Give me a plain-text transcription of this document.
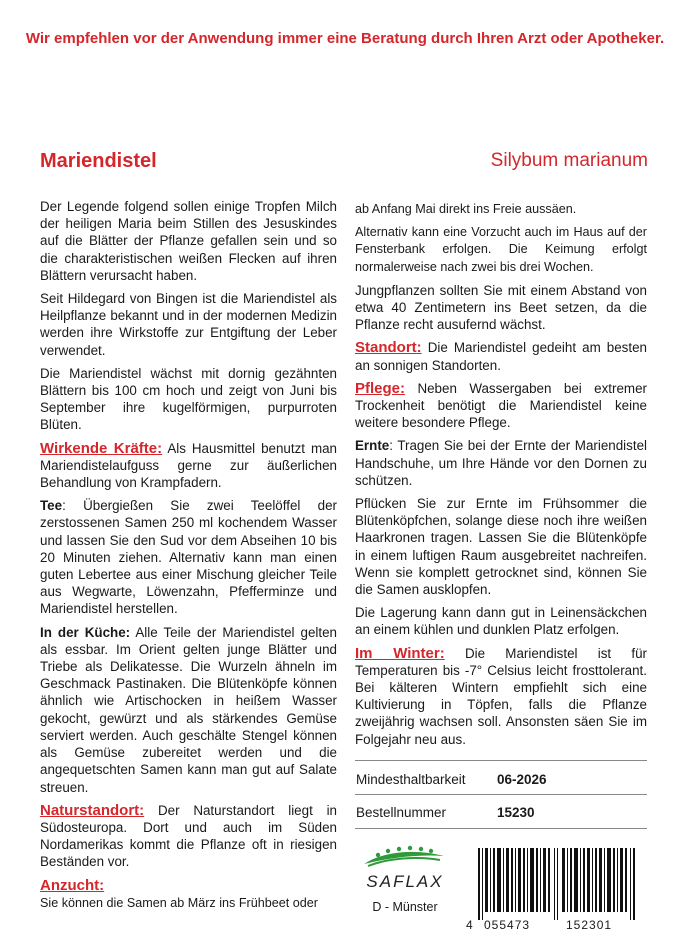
Wir empfehlen vor der Anwendung immer eine Beratung durch Ihren Arzt oder Apotheker.
Mariendistel	Silybum marianum

Der Legende folgend sollen einige Tropfen Milch der heiligen Maria beim Stillen des Jesuskindes auf die Blätter der Pflanze gefallen sein und so die charakteristischen weißen Flecken auf ihren Blättern verursacht haben.

Seit Hildegard von Bingen ist die Mariendistel als Heilpflanze bekannt und in der modernen Medizin werden ihre Wirkstoffe zur Entgiftung der Leber verwendet.

Die Mariendistel wächst mit dornig gezähnten Blättern bis 100 cm hoch und zeigt von Juni bis September ihre kugelförmigen, purpurroten Blüten.

Wirkende Kräfte: Als Hausmittel benutzt man Mariendistelaufguss gerne zur äußerlichen Behandlung von Krampfadern.

Tee: Übergießen Sie zwei Teelöffel der zerstossenen Samen 250 ml kochendem Wasser und lassen Sie den Sud vor dem Abseihen 10 bis 20 Minuten ziehen. Alternativ kann man einen guten Lebertee aus einer Mischung gleicher Teile aus Wegwarte, Löwenzahn, Pfefferminze und Mariendistel herstellen.

In der Küche: Alle Teile der Mariendistel gelten als essbar. Im Orient gelten junge Blätter und Triebe als Delikatesse. Die Wurzeln ähneln im Geschmack Pastinaken. Die Blütenköpfe können ähnlich wie Artischocken in heißem Wasser gekocht, gewürzt und als stärkendes Gemüse serviert werden. Auch geschälte Stengel können als Gemüse zubereitet werden und die angequetschten Samen kann man gut auf Salate streuen.

Naturstandort: Der Naturstandort liegt in Südosteuropa. Dort und auch im Süden Nordamerikas kommt die Pflanze oft in riesigen Beständen vor.

Anzucht:
Sie können die Samen ab März ins Frühbeet oder

ab Anfang Mai direkt ins Freie aussäen.

Alternativ kann eine Vorzucht auch im Haus auf der Fensterbank erfolgen. Die Keimung erfolgt normalerweise nach zwei bis drei Wochen.

Jungpflanzen sollten Sie mit einem Abstand von etwa 40 Zentimetern ins Beet setzen, da die Pflanze recht ausufernd wächst.

Standort: Die Mariendistel gedeiht am besten an sonnigen Standorten.

Pflege: Neben Wassergaben bei extremer Trockenheit benötigt die Mariendistel keine weitere besondere Pflege.

Ernte: Tragen Sie bei der Ernte der Mariendistel Handschuhe, um Ihre Hände vor den Dornen zu schützen.

Pflücken Sie zur Ernte im Frühsommer die Blütenköpfchen, solange diese noch ihre weißen Haarkronen tragen. Lassen Sie die Blütenköpfe in einem luftigen Raum ausgebreitet nachreifen. Wenn sie komplett getrocknet sind, können Sie die Samen ausklopfen.

Die Lagerung kann dann gut in Leinensäckchen an einem kühlen und dunklen Platz erfolgen.

Im Winter: Die Mariendistel ist für Temperaturen bis -7° Celsius leicht frosttolerant. Bei kälteren Wintern empfiehlt sich eine Kultivierung in Töpfen, falls die Pflanze zweijährig wachsen soll. Ansonsten säen Sie im Folgejahr neu aus.

Mindesthaltbarkeit 06-2026
Bestellnummer	15230
SAFLAX
D - Münster
4 055473	152301
